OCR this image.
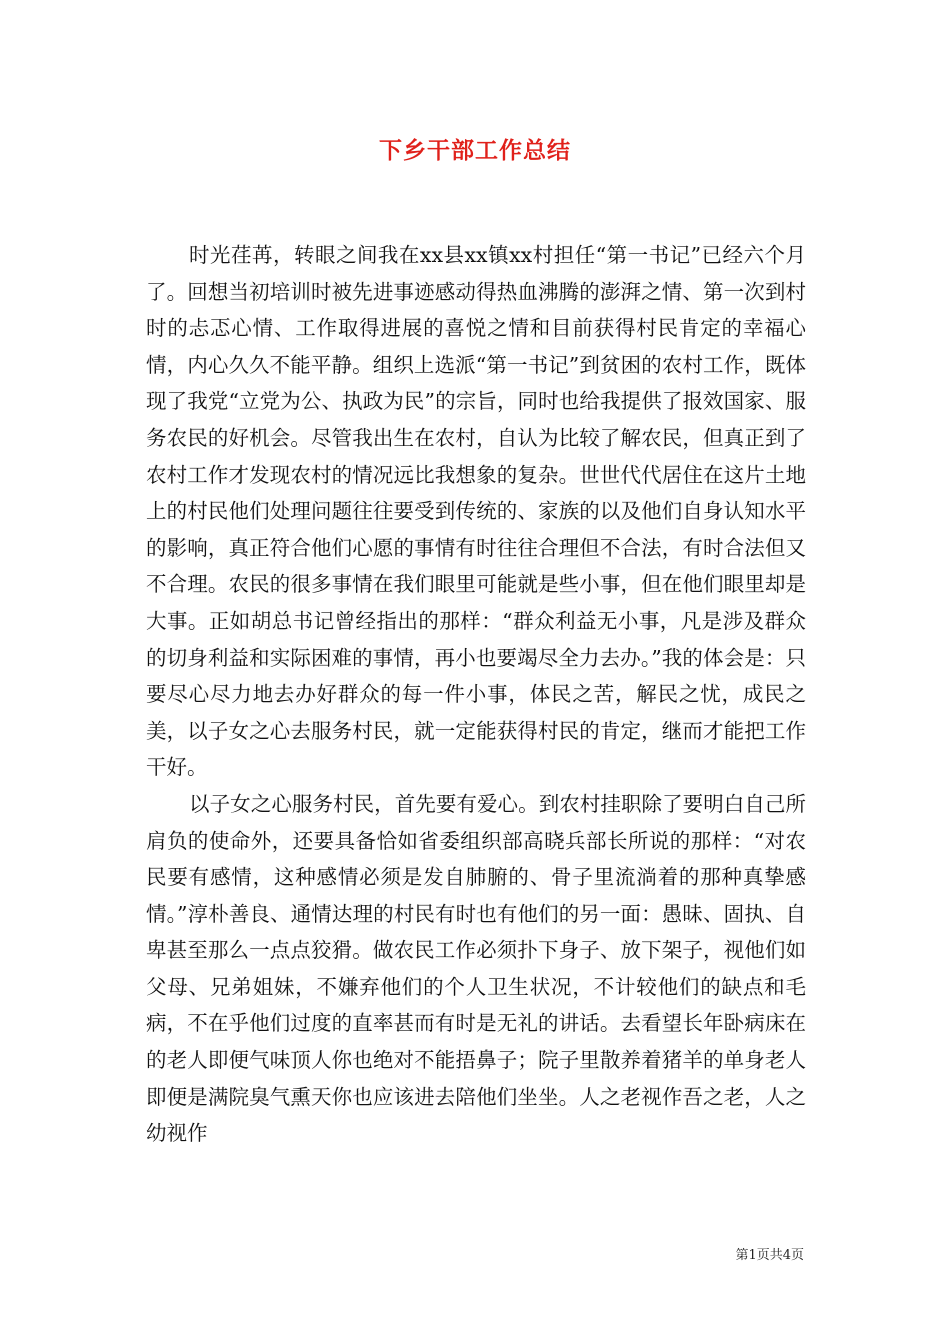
下乡干部工作总结

时光荏苒，转眼之间我在xx县xx镇xx村担任“第一书记”已经六个月了。回想当初培训时被先进事迹感动得热血沸腾的澎湃之情、第一次到村时的忐忑心情、工作取得进展的喜悦之情和目前获得村民肯定的幸福心情，内心久久不能平静。组织上选派“第一书记”到贫困的农村工作，既体现了我党“立党为公、执政为民”的宗旨，同时也给我提供了报效国家、服务农民的好机会。尽管我出生在农村，自认为比较了解农民，但真正到了农村工作才发现农村的情况远比我想象的复杂。世世代代居住在这片土地上的村民他们处理问题往往要受到传统的、家族的以及他们自身认知水平的影响，真正符合他们心愿的事情有时往往合理但不合法，有时合法但又不合理。农民的很多事情在我们眼里可能就是些小事，但在他们眼里却是大事。正如胡总书记曾经指出的那样：“群众利益无小事，凡是涉及群众的切身利益和实际困难的事情，再小也要竭尽全力去办。”我的体会是：只要尽心尽力地去办好群众的每一件小事，体民之苦，解民之忧，成民之美，以子女之心去服务村民，就一定能获得村民的肯定，继而才能把工作干好。

以子女之心服务村民，首先要有爱心。到农村挂职除了要明白自己所肩负的使命外，还要具备恰如省委组织部高晓兵部长所说的那样：“对农民要有感情，这种感情必须是发自肺腑的、骨子里流淌着的那种真挚感情。”淳朴善良、通情达理的村民有时也有他们的另一面：愚昧、固执、自卑甚至那么一点点狡猾。做农民工作必须扑下身子、放下架子，视他们如父母、兄弟姐妹，不嫌弃他们的个人卫生状况，不计较他们的缺点和毛病，不在乎他们过度的直率甚而有时是无礼的讲话。去看望长年卧病床在的老人即便气味顶人你也绝对不能捂鼻子；院子里散养着猪羊的单身老人即便是满院臭气熏天你也应该进去陪他们坐坐。人之老视作吾之老，人之幼视作

第1页共4页
